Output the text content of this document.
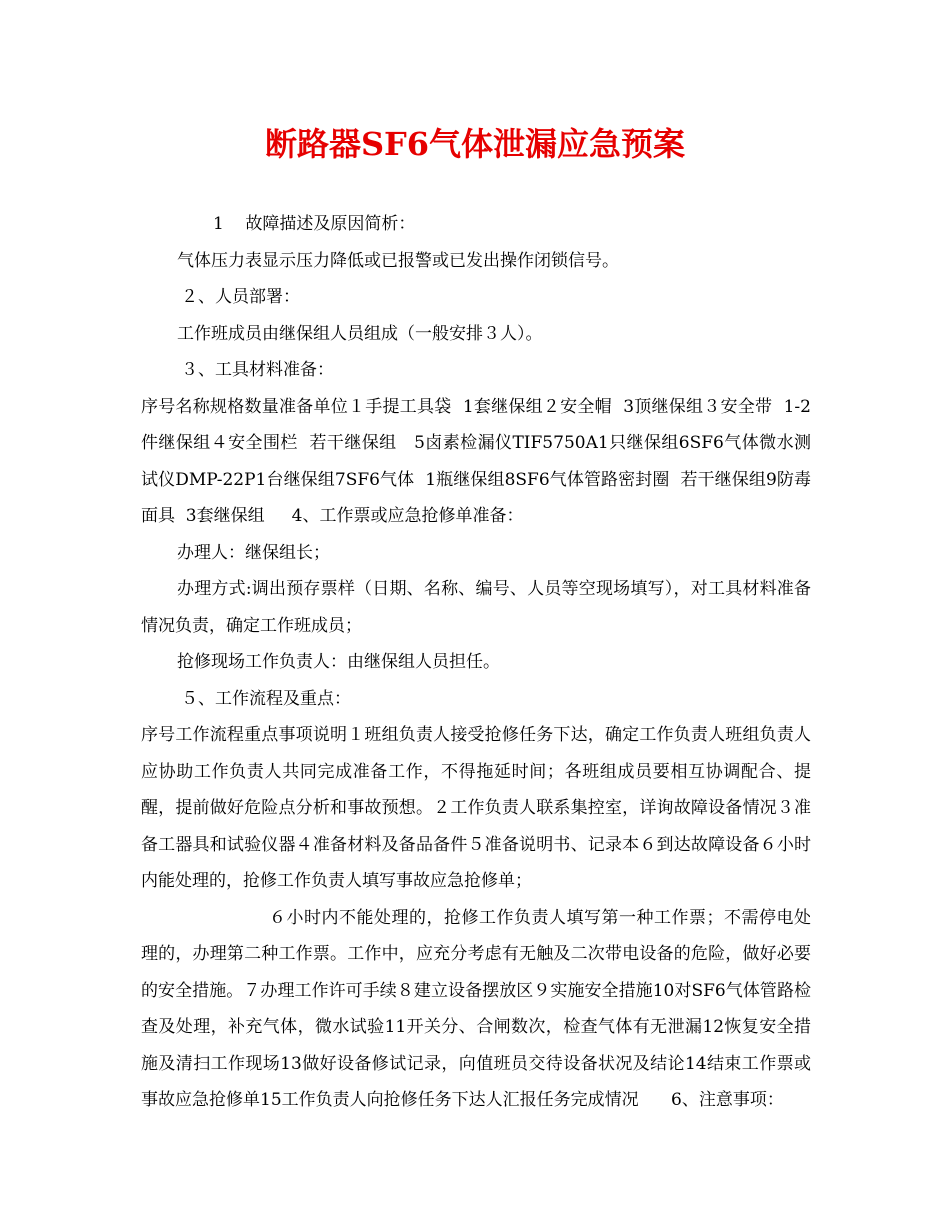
断路器SF6气体泄漏应急预案

1    故障描述及原因简析：

气体压力表显示压力降低或已报警或已发出操作闭锁信号。

２、人员部署：

工作班成员由继保组人员组成（一般安排３人）。

３、工具材料准备：

序号名称规格数量准备单位１手提工具袋  1套继保组２安全帽  3顶继保组３安全带  1-2件继保组４安全围栏  若干继保组   5卤素检漏仪TIF5750A1只继保组6SF6气体微水测试仪DMP-22P1台继保组7SF6气体  1瓶继保组8SF6气体管路密封圈  若干继保组9防毒面具  3套继保组     4、工作票或应急抢修单准备：

办理人：继保组长；

办理方式:调出预存票样（日期、名称、编号、人员等空现场填写），对工具材料准备情况负责，确定工作班成员；

抢修现场工作负责人：由继保组人员担任。

５、工作流程及重点：

序号工作流程重点事项说明１班组负责人接受抢修任务下达，确定工作负责人班组负责人应协助工作负责人共同完成准备工作，不得拖延时间；各班组成员要相互协调配合、提醒，提前做好危险点分析和事故预想。２工作负责人联系集控室，详询故障设备情况３准备工器具和试验仪器４准备材料及备品备件５准备说明书、记录本６到达故障设备６小时内能处理的，抢修工作负责人填写事故应急抢修单；

６小时内不能处理的，抢修工作负责人填写第一种工作票；不需停电处理的，办理第二种工作票。工作中，应充分考虑有无触及二次带电设备的危险，做好必要的安全措施。７办理工作许可手续８建立设备摆放区９实施安全措施10对SF6气体管路检查及处理，补充气体，微水试验11开关分、合闸数次，检查气体有无泄漏12恢复安全措施及清扫工作现场13做好设备修试记录，向值班员交待设备状况及结论14结束工作票或事故应急抢修单15工作负责人向抢修任务下达人汇报任务完成情况      6、注意事项：
